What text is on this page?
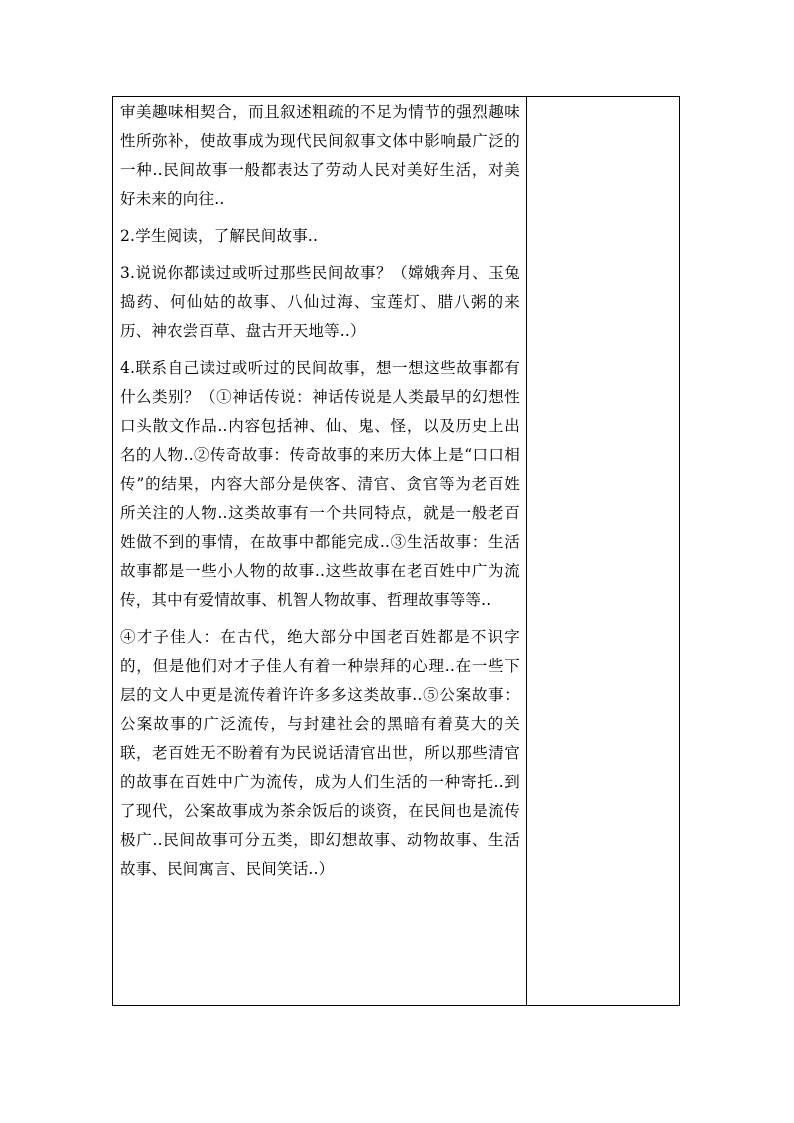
审美趣味相契合，而且叙述粗疏的不足为情节的强烈趣味性所弥补，使故事成为现代民间叙事文体中影响最广泛的一种..民间故事一般都表达了劳动人民对美好生活，对美好未来的向往..

2.学生阅读，了解民间故事..

3.说说你都读过或听过那些民间故事？（嫦娥奔月、玉兔捣药、何仙姑的故事、八仙过海、宝莲灯、腊八粥的来历、神农尝百草、盘古开天地等..）

4.联系自己读过或听过的民间故事，想一想这些故事都有什么类别？（①神话传说：神话传说是人类最早的幻想性口头散文作品..内容包括神、仙、鬼、怪，以及历史上出名的人物..②传奇故事：传奇故事的来历大体上是“口口相传”的结果，内容大部分是侠客、清官、贪官等为老百姓所关注的人物..这类故事有一个共同特点，就是一般老百姓做不到的事情，在故事中都能完成..③生活故事：生活故事都是一些小人物的故事..这些故事在老百姓中广为流传，其中有爱情故事、机智人物故事、哲理故事等等..

④才子佳人：在古代，绝大部分中国老百姓都是不识字的，但是他们对才子佳人有着一种崇拜的心理..在一些下层的文人中更是流传着许许多多这类故事..⑤公案故事：公案故事的广泛流传，与封建社会的黑暗有着莫大的关联，老百姓无不盼着有为民说话清官出世，所以那些清官的故事在百姓中广为流传，成为人们生活的一种寄托..到了现代，公案故事成为茶余饭后的谈资，在民间也是流传极广..民间故事可分五类，即幻想故事、动物故事、生活故事、民间寓言、民间笑话..）
